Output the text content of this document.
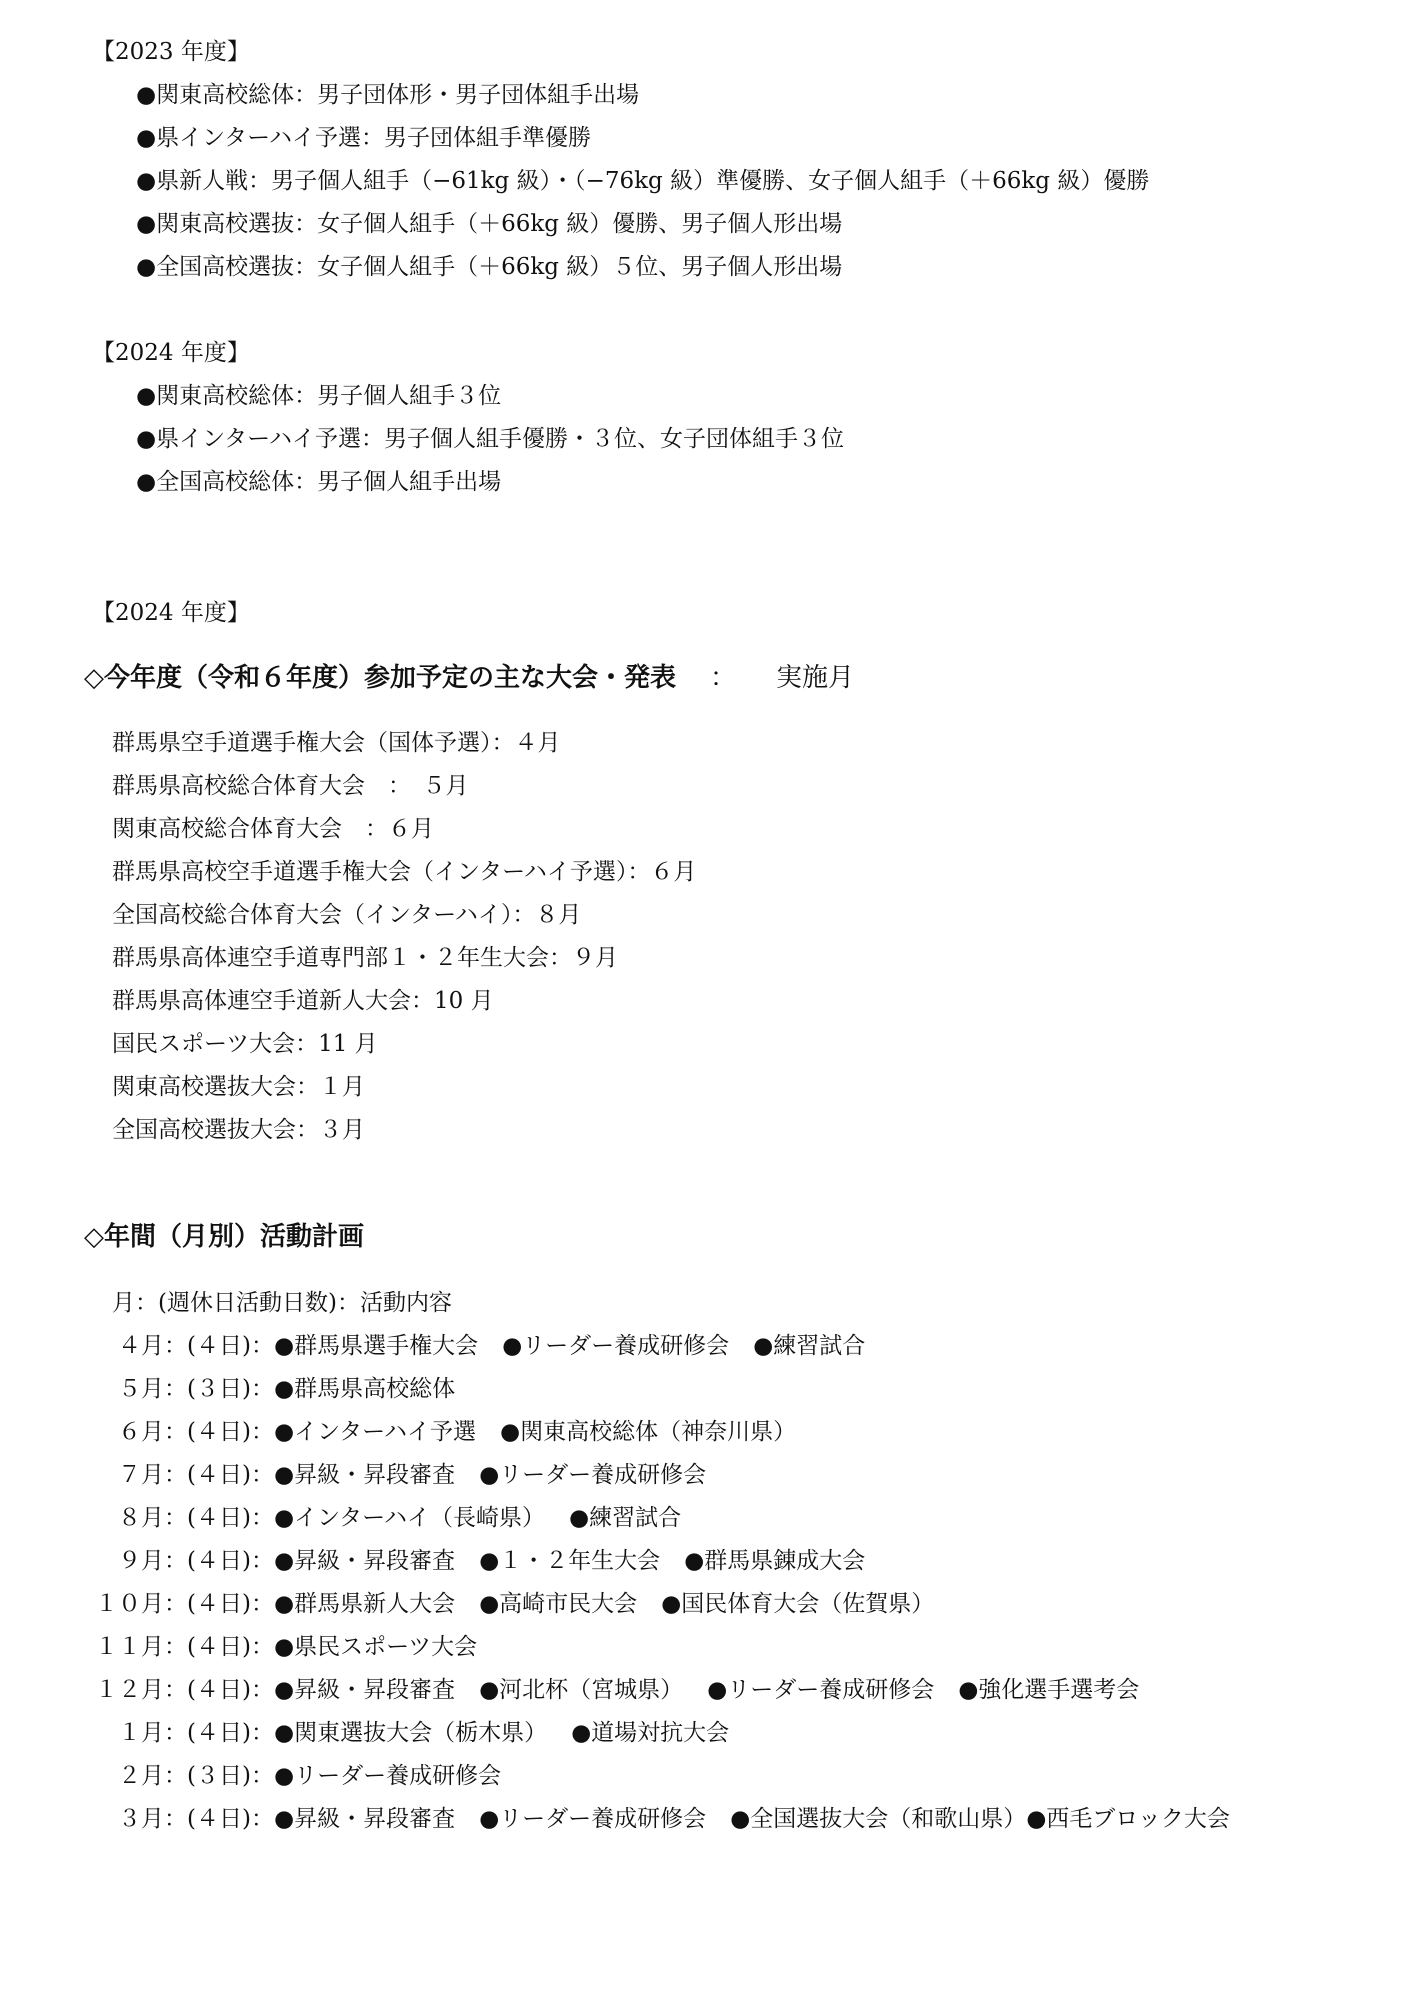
【2023 年度】
●関東高校総体：男子団体形・男子団体組手出場
●県インターハイ予選：男子団体組手準優勝
●県新人戦：男子個人組手（−61kg 級）・（−76kg 級）準優勝、女子個人組手（＋66kg 級）優勝
●関東高校選抜：女子個人組手（＋66kg 級）優勝、男子個人形出場
●全国高校選抜：女子個人組手（＋66kg 級）５位、男子個人形出場
【2024 年度】
●関東高校総体：男子個人組手３位
●県インターハイ予選：男子個人組手優勝・３位、女子団体組手３位
●全国高校総体：男子個人組手出場
【2024 年度】
◇今年度（令和６年度）参加予定の主な大会・発表 ： 実施月
群馬県空手道選手権大会（国体予選）：４月
群馬県高校総合体育大会　：　５月
関東高校総合体育大会　：６月
群馬県高校空手道選手権大会（インターハイ予選）：６月
全国高校総合体育大会（インターハイ）：８月
群馬県高体連空手道専門部１・２年生大会：９月
群馬県高体連空手道新人大会：10 月
国民スポーツ大会：11 月
関東高校選抜大会：１月
全国高校選抜大会：３月
◇年間（月別）活動計画
月：(週休日活動日数)：活動内容
４月：(４日)：●群馬県選手権大会 ●リーダー養成研修会 ●練習試合
５月：(３日)：●群馬県高校総体
６月：(４日)：●インターハイ予選 ●関東高校総体（神奈川県）
７月：(４日)：●昇級・昇段審査 ●リーダー養成研修会
８月：(４日)：●インターハイ（長崎県） ●練習試合
９月：(４日)：●昇級・昇段審査 ●１・２年生大会 ●群馬県錬成大会
１０月：(４日)：●群馬県新人大会 ●高崎市民大会 ●国民体育大会（佐賀県）
１１月：(４日)：●県民スポーツ大会
１２月：(４日)：●昇級・昇段審査 ●河北杯（宮城県） ●リーダー養成研修会 ●強化選手選考会
１月：(４日)：●関東選抜大会（栃木県） ●道場対抗大会
２月：(３日)：●リーダー養成研修会
３月：(４日)：●昇級・昇段審査 ●リーダー養成研修会 ●全国選抜大会（和歌山県）●西毛ブロック大会
